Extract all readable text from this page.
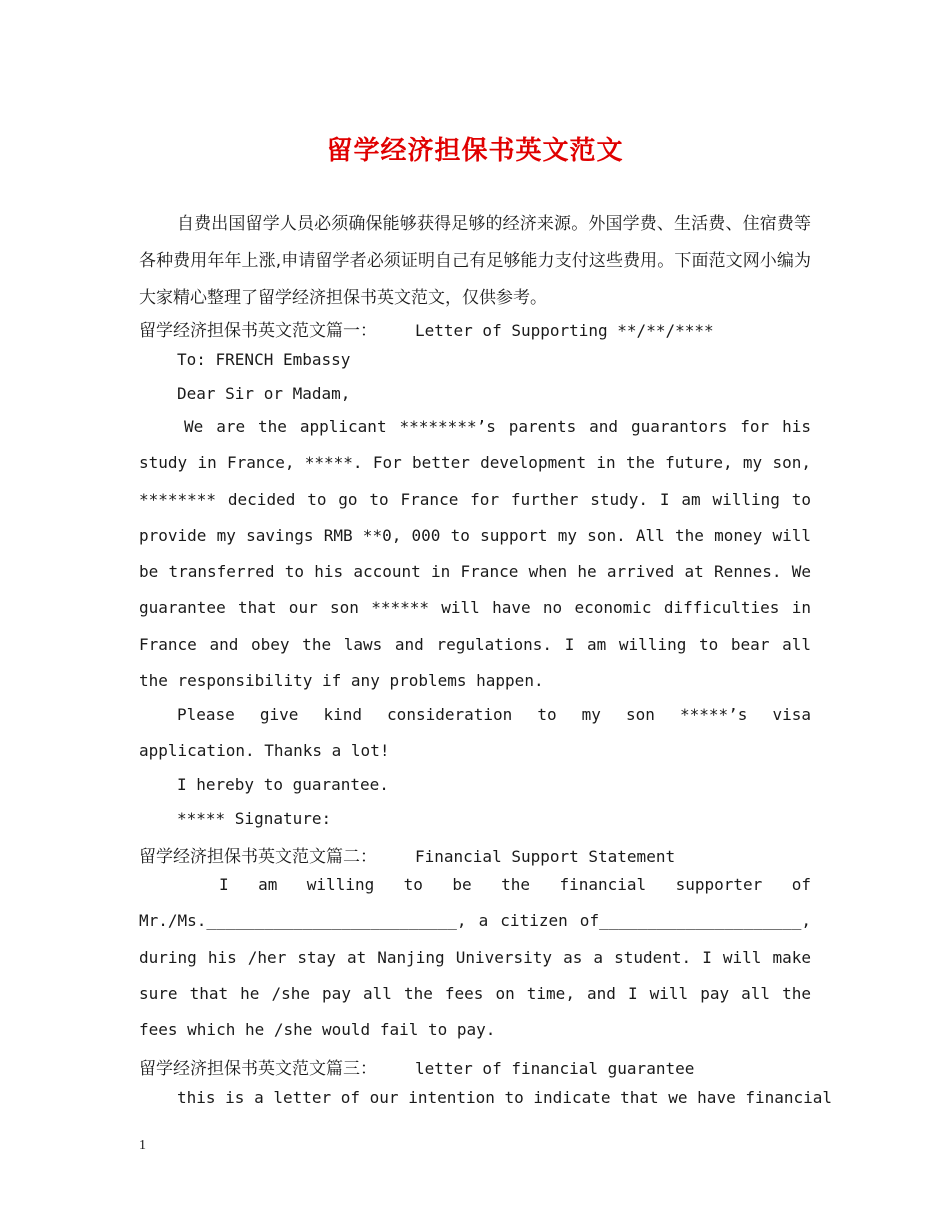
留学经济担保书英文范文
自费出国留学人员必须确保能够获得足够的经济来源。外国学费、生活费、住宿费等各种费用年年上涨,申请留学者必须证明自己有足够能力支付这些费用。下面范文网小编为大家精心整理了留学经济担保书英文范文，仅供参考。
留学经济担保书英文范文篇一： Letter of Supporting **/**/****
To: FRENCH Embassy
Dear Sir or Madam,
We are the applicant ********’s parents and guarantors for his study in France, *****. For better development in the future, my son, ******** decided to go to France for further study. I am willing to provide my savings RMB **0, 000 to support my son. All the money will be transferred to his account in France when he arrived at Rennes. We guarantee that our son ****** will have no economic difficulties in France and obey the laws and regulations. I am willing to bear all the responsibility if any problems happen.
Please give kind consideration to my son *****’s visa application. Thanks a lot!
I hereby to guarantee.
***** Signature:
留学经济担保书英文范文篇二： Financial Support Statement
I am willing to be the financial supporter of Mr./Ms.__________________________, a citizen of_____________________, during his /her stay at Nanjing University as a student. I will make sure that he /she pay all the fees on time, and I will pay all the fees which he /she would fail to pay.
留学经济担保书英文范文篇三： letter of financial guarantee
this is a letter of our intention to indicate that we have financial
1
